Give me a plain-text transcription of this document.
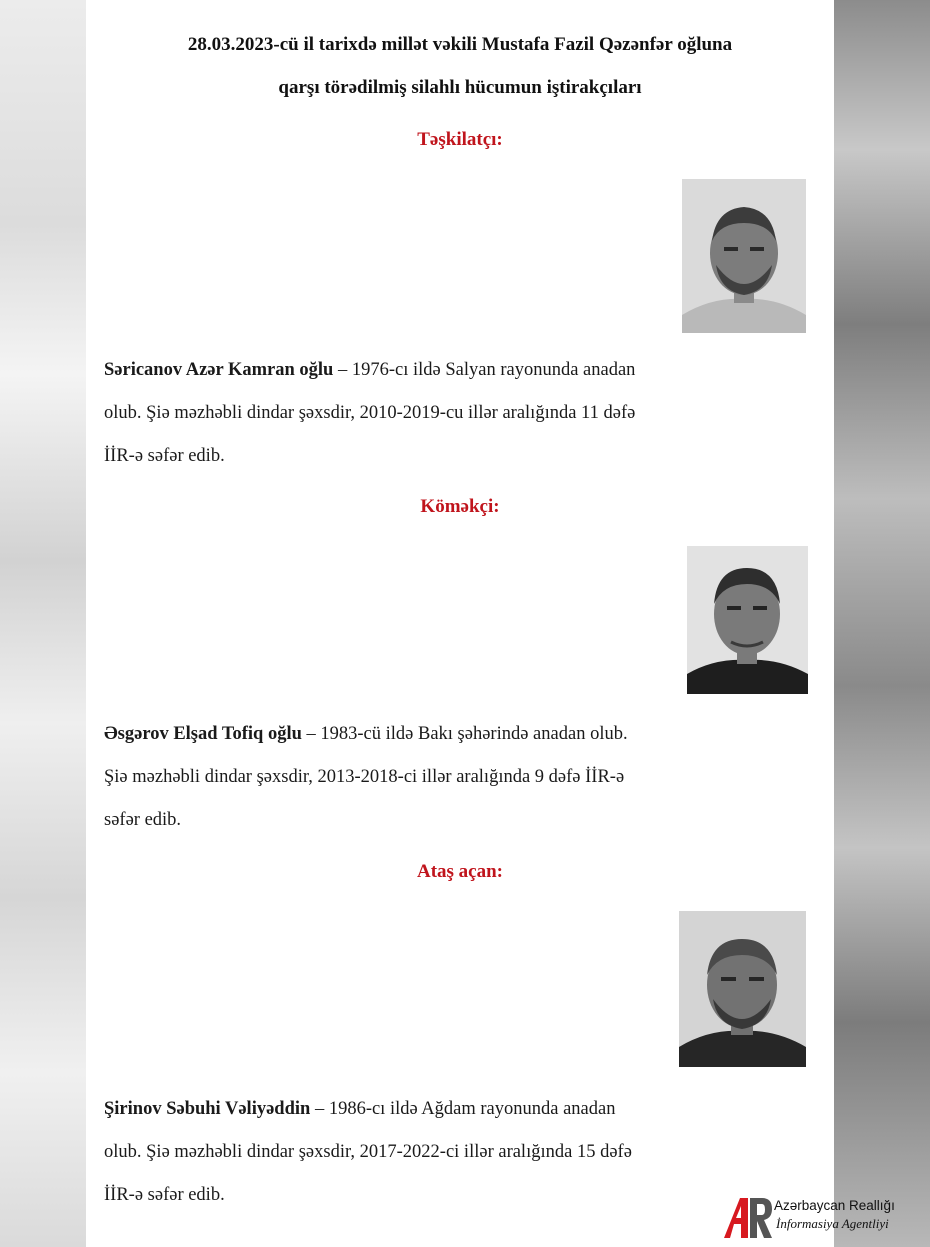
28.03.2023-cü il tarixdə millət vəkili Mustafa Fazil Qəzənfər oğluna
qarşı törədilmiş silahlı hücumun iştirakçıları
Təşkilatçı:

Səricanov Azər Kamran oğlu – 1976-cı ildə Salyan rayonunda anadan

olub. Şiə məzhəbli dindar şəxsdir, 2010-2019-cu illər aralığında 11 dəfə

İİR-ə səfər edib.

Köməkçi:

Əsgərov Elşad Tofiq oğlu – 1983-cü ildə Bakı şəhərində anadan olub.

Şiə məzhəbli dindar şəxsdir, 2013-2018-ci illər aralığında 9 dəfə İİR-ə

səfər edib.

Ataş açan:

Şirinov Səbuhi Vəliyəddin – 1986-cı ildə Ağdam rayonunda anadan

olub. Şiə məzhəbli dindar şəxsdir, 2017-2022-ci illər aralığında 15 dəfə

İİR-ə səfər edib.

Azərbaycan Reallığı
İnformasiya Agentliyi
